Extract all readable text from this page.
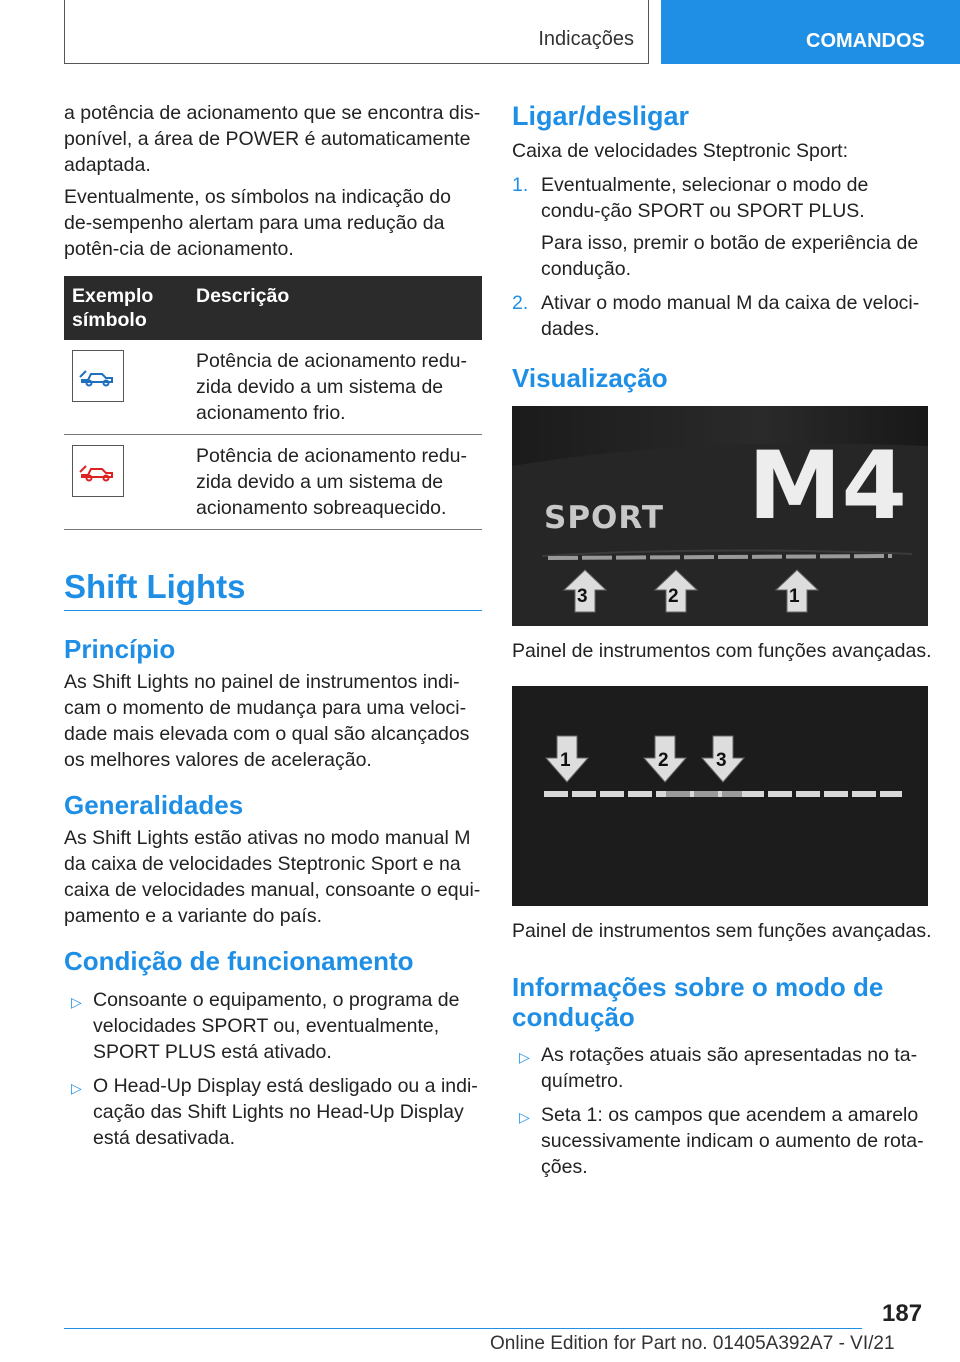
Indicações	COMANDOS

a potência de acionamento que se encontra dis-ponível, a área de POWER é automaticamente adaptada.

Eventualmente, os símbolos na indicação do de-sempenho alertam para uma redução da potên-cia de acionamento.

Exemplo símbolo	Descrição

	Potência de acionamento redu-zida devido a um sistema de acionamento frio.

	Potência de acionamento redu-zida devido a um sistema de acionamento sobreaquecido.
Shift Lights
Princípio

As Shift Lights no painel de instrumentos indi-cam o momento de mudança para uma veloci-dade mais elevada com o qual são alcançados os melhores valores de aceleração.

Generalidades

As Shift Lights estão ativas no modo manual M da caixa de velocidades Steptronic Sport e na caixa de velocidades manual, consoante o equi-pamento e a variante do país.

Condição de funcionamento
▷ Consoante o equipamento, o programa de velocidades SPORT ou, eventualmente, SPORT PLUS está ativado.
▷ O Head-Up Display está desligado ou a indi-cação das Shift Lights no Head-Up Display está desativada.
Ligar/desligar

Caixa de velocidades Steptronic Sport:

1. Eventualmente, selecionar o modo de condu-ção SPORT ou SPORT PLUS.
Para isso, premir o botão de experiência de condução.
2. Ativar o modo manual M da caixa de veloci-dades.
Visualização
SPORT M4
3	2	1
Painel de instrumentos com funções avançadas.
1	2 3
Painel de instrumentos sem funções avançadas.
Informações sobre o modo de condução
▷ As rotações atuais são apresentadas no ta-químetro.
▷ Seta 1: os campos que acendem a amarelo sucessivamente indicam o aumento de rota-ções.
187
Online Edition for Part no. 01405A392A7 - VI/21
